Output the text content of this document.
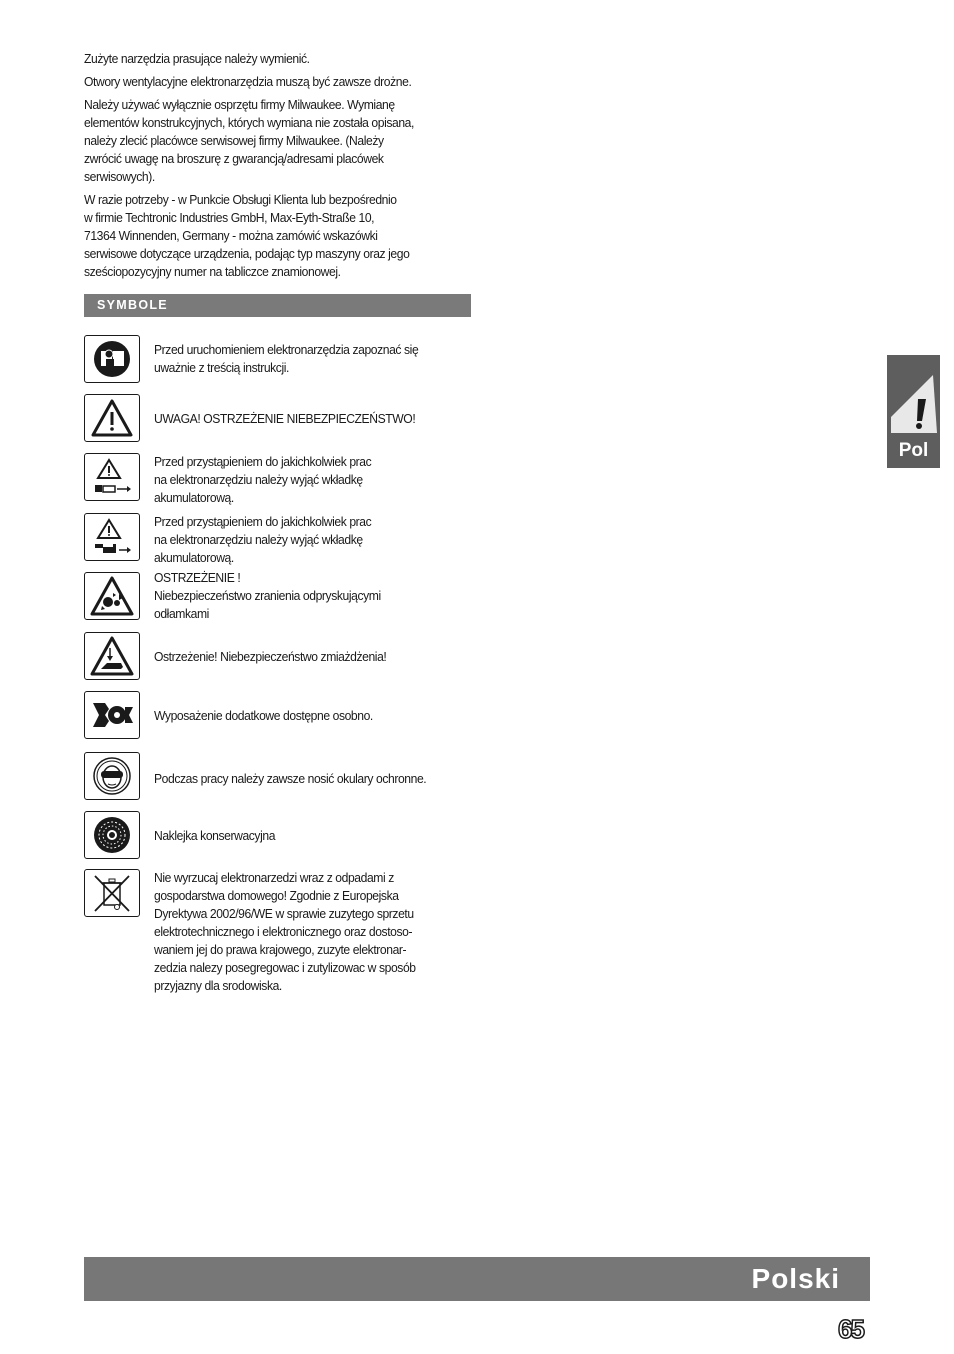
Zużyte narzędzia prasujące należy wymienić.

Otwory wentylacyjne elektronarzędzia muszą być zawsze drożne.

Należy używać wyłącznie osprzętu firmy Milwaukee. Wymianę
elementów konstrukcyjnych, których wymiana nie została opisana,
należy zlecić placówce serwisowej firmy Milwaukee. (Należy
zwrócić uwagę na broszurę z gwarancją/adresami placówek
serwisowych).

W razie potrzeby - w Punkcie Obsługi Klienta lub bezpośrednio
w firmie Techtronic Industries GmbH, Max-Eyth-Straße 10,
71364 Winnenden, Germany - można zamówić wskazówki
serwisowe dotyczące urządzenia, podając typ maszyny oraz jego
sześciopozycyjny numer na tabliczce znamionowej.

SYMBOLE
Przed uruchomieniem elektronarzędzia zapoznać się
uważnie z treścią instrukcji.
UWAGA! OSTRZEŻENIE NIEBEZPIECZEŃSTWO!
Przed przystąpieniem do jakichkolwiek prac
na elektronarzędziu należy wyjąć wkładkę
akumulatorową.
Przed przystąpieniem do jakichkolwiek prac
na elektronarzędziu należy wyjąć wkładkę
akumulatorową.
OSTRZEŻENIE !
Niebezpieczeństwo zranienia odpryskującymi
odłamkami
Ostrzeżenie! Niebezpieczeństwo zmiażdżenia!
Wyposażenie dodatkowe dostępne osobno.
Podczas pracy należy zawsze nosić okulary ochronne.
Naklejka konserwacyjna
Nie wyrzucaj elektronarzedzi wraz z odpadami z
gospodarstwa domowego! Zgodnie z Europejska
Dyrektywa 2002/96/WE w sprawie zuzytego sprzetu
elektrotechnicznego i elektronicznego oraz dostoso-
waniem jej do prawa krajowego, zuzyte elektronar-
zedzia nalezy posegregowac i zutylizowac w sposób
przyjazny dla srodowiska.
Pol
Polski
65
